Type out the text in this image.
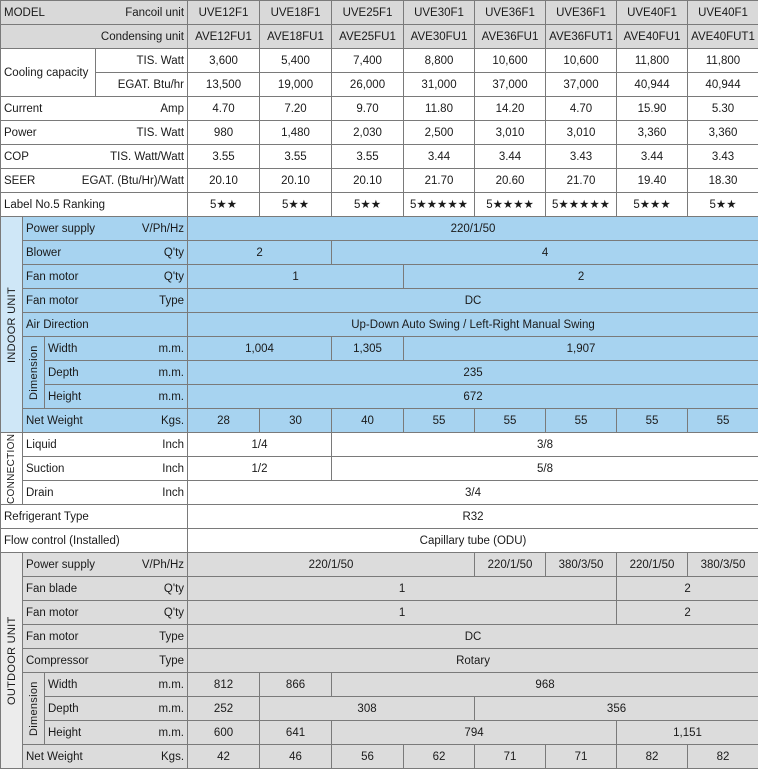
MODEL			Fancoil unit	UVE12F1	UVE18F1	UVE25F1	UVE30F1	UVE36F1	UVE36F1	UVE40F1	UVE40F1
			Condensing unit	AVE12FU1	AVE18FU1	AVE25FU1	AVE30FU1	AVE36FU1	AVE36FUT1	AVE40FU1	AVE40FUT1
Cooling capacity			TIS. Watt	3,600	5,400	7,400	8,800	10,600	10,600	11,800	11,800
			EGAT. Btu/hr	13,500	19,000	26,000	31,000	37,000	37,000	40,944	40,944
Current			Amp	4.70	7.20	9.70	11.80	14.20	4.70	15.90	5.30
Power			TIS. Watt	980	1,480	2,030	2,500	3,010	3,010	3,360	3,360
COP			TIS. Watt/Watt	3.55	3.55	3.55	3.44	3.44	3.43	3.44	3.43
SEER		EGAT. (Btu/Hr)/Watt		20.10	20.10	20.10	21.70	20.60	21.70	19.40	18.30
Label No.5 Ranking				5★★	5★★	5★★	5★★★★★	5★★★★	5★★★★★	5★★★	5★★
INDOOR UNIT	Power supply		V/Ph/Hz	220/1/50							
	Blower		Q'ty	2		4					
	Fan motor		Q'ty	1			2				
	Fan motor		Type	DC							
	Air Direction			Up-Down Auto Swing / Left-Right Manual Swing							
	Dimension	Width	m.m.	1,004		1,305	1,907				
		Depth	m.m.	235							
		Height	m.m.	672							
	Net Weight		Kgs.	28	30	40	55	55	55	55	55
CONNECTION	Liquid		Inch	1/4		3/8					
	Suction		Inch	1/2		5/8					
	Drain		Inch	3/4							
Refrigerant Type				R32							
Flow control (Installed)				Capillary tube (ODU)							
OUTDOOR UNIT	Power supply		V/Ph/Hz	220/1/50				220/1/50	380/3/50	220/1/50	380/3/50
	Fan blade		Q'ty	1						2	
	Fan motor		Q'ty	1						2	
	Fan motor		Type	DC							
	Compressor		Type	Rotary							
	Dimension	Width	m.m.	812	866	968					
		Depth	m.m.	252	308			356			
		Height	m.m.	600	641	794				1,151	
	Net Weight		Kgs.	42	46	56	62	71	71	82	82
